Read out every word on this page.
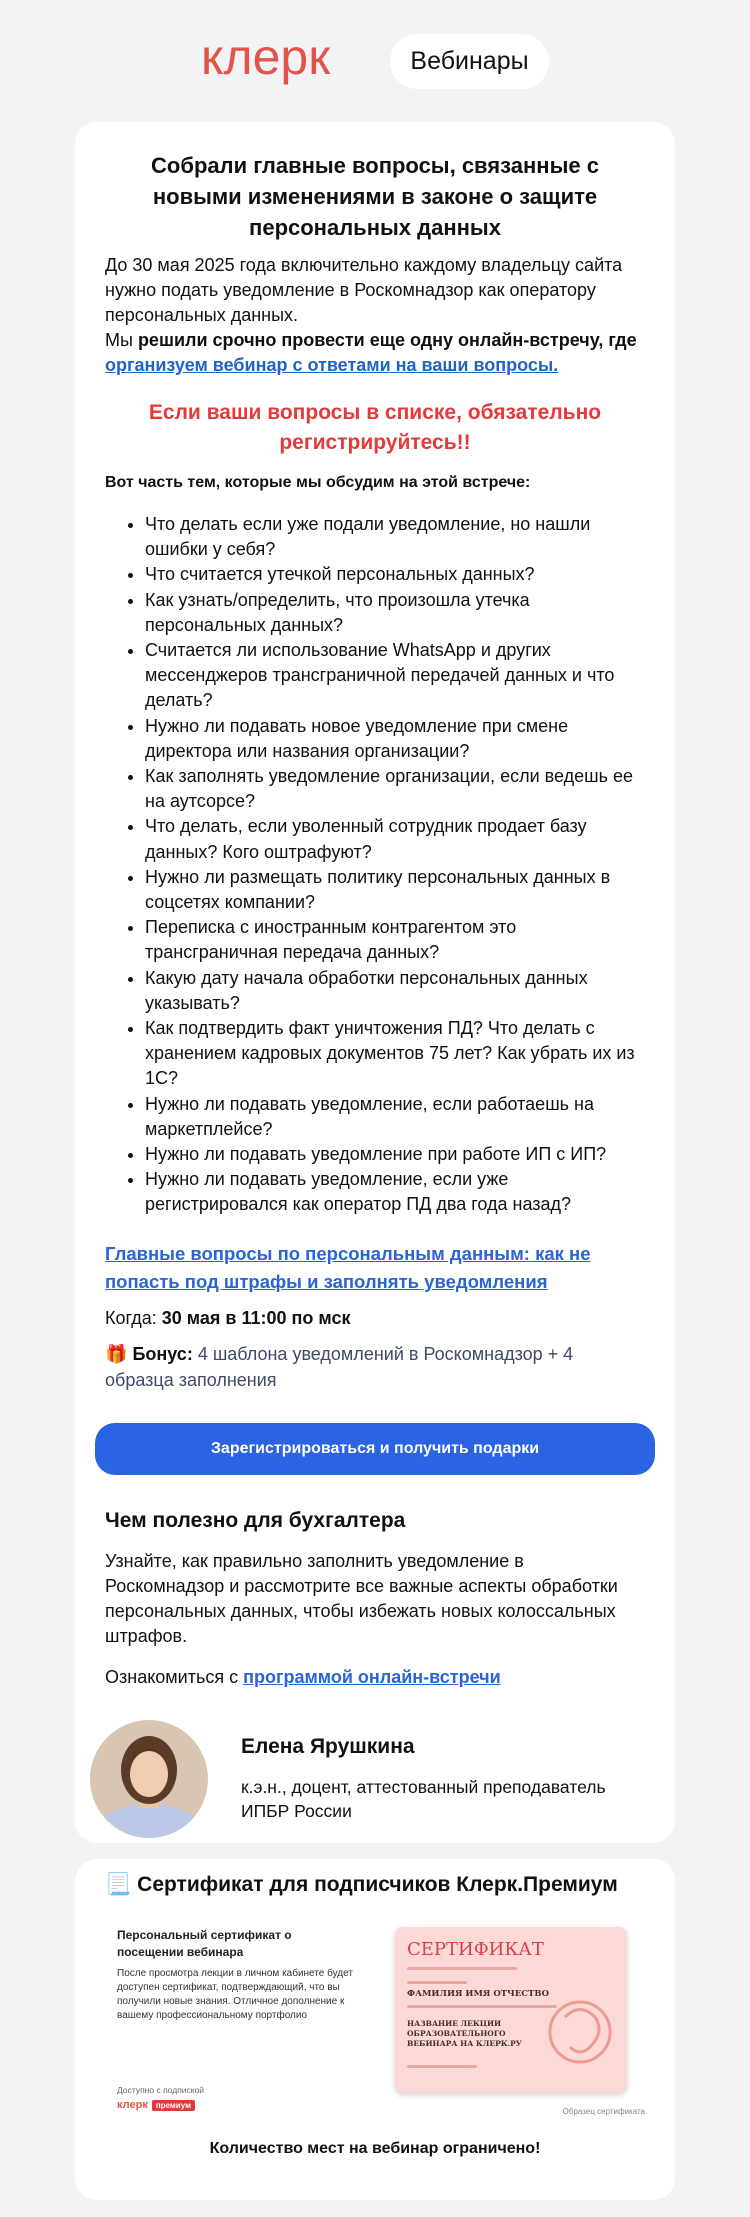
клерк	Вебинары
Собрали главные вопросы, связанные с новыми изменениями в законе о защите персональных данных

До 30 мая 2025 года включительно каждому владельцу сайта нужно подать уведомление в Роскомнадзор как оператору персональных данных.
Мы решили срочно провести еще одну онлайн-встречу, где
организуем вебинар с ответами на ваши вопросы.

Если ваши вопросы в списке, обязательно регистрируйтесь!!
Вот часть тем, которые мы обсудим на этой встрече:
• Что делать если уже подали уведомление, но нашли ошибки у себя?
• Что считается утечкой персональных данных?
• Как узнать/определить, что произошла утечка персональных данных?
• Считается ли использование WhatsApp и других мессенджеров трансграничной передачей данных и что делать?
• Нужно ли подавать новое уведомление при смене директора или названия организации?
• Как заполнять уведомление организации, если ведешь ее на аутсорсе?
• Что делать, если уволенный сотрудник продает базу данных? Кого оштрафуют?
• Нужно ли размещать политику персональных данных в соцсетях компании?
• Переписка с иностранным контрагентом это трансграничная передача данных?
• Какую дату начала обработки персональных данных указывать?
• Как подтвердить факт уничтожения ПД? Что делать с хранением кадровых документов 75 лет? Как убрать их из 1С?
• Нужно ли подавать уведомление, если работаешь на маркетплейсе?
• Нужно ли подавать уведомление при работе ИП с ИП?
• Нужно ли подавать уведомление, если уже регистрировался как оператор ПД два года назад?
Главные вопросы по персональным данным: как не попасть под штрафы и заполнять уведомления
Когда: 30 мая в 11:00 по мск
🎁 Бонус: 4 шаблона уведомлений в Роскомнадзор + 4 образца заполнения
Зарегистрироваться и получить подарки
Чем полезно для бухгалтера

Узнайте, как правильно заполнить уведомление в Роскомнадзор и рассмотрите все важные аспекты обработки персональных данных, чтобы избежать новых колоссальных штрафов.

Ознакомиться с программой онлайн-встречи

Елена Ярушкина
к.э.н., доцент, аттестованный преподаватель ИПБР России
📃 Сертификат для подписчиков Клерк.Премиум
Персональный сертификат о посещении вебинара
После просмотра лекции в личном кабинете будет доступен сертификат, подтверждающий, что вы получили новые знания. Отличное дополнение к вашему профессиональному портфолио
Доступно с подпиской
клерк	премиум
СЕРТИФИКАТ
ФАМИЛИЯ ИМЯ ОТЧЕСТВО
НАЗВАНИЕ ЛЕКЦИИ ОБРАЗОВАТЕЛЬНОГО ВЕБИНАРА НА КЛЕРК.РУ
Образец сертификата
Количество мест на вебинар ограничено!
